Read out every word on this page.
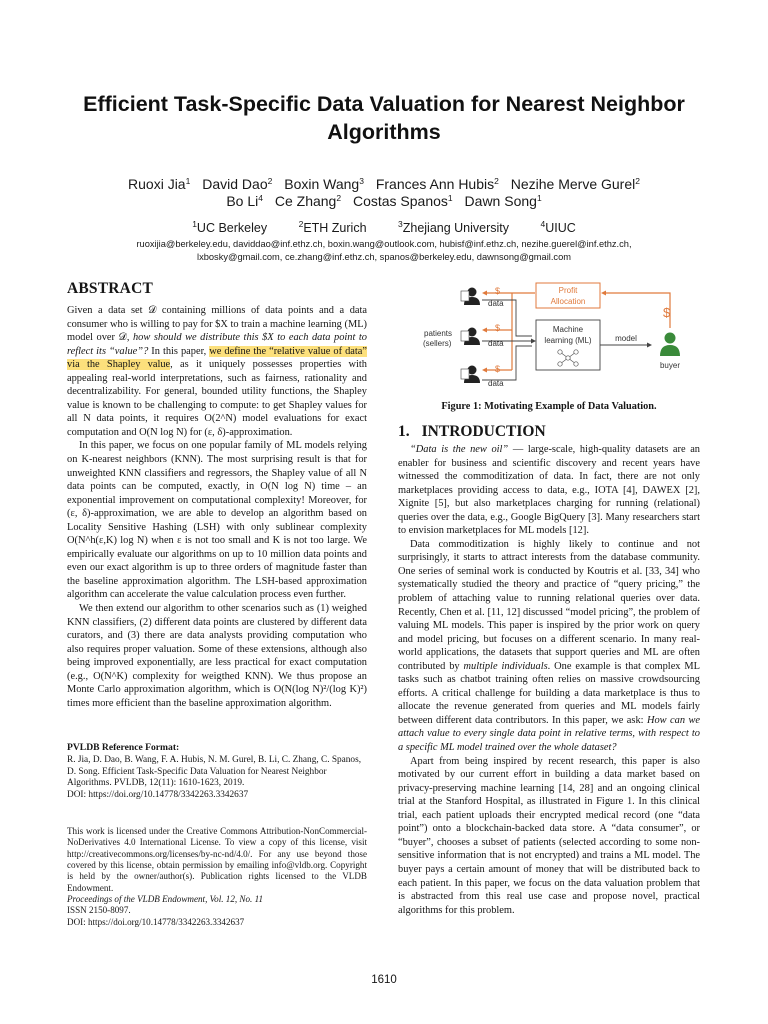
Efficient Task-Specific Data Valuation for Nearest Neighbor Algorithms
Ruoxi Jia$^1$ David Dao$^2$ Boxin Wang$^3$ Frances Ann Hubis$^2$ Nezihe Merve Gurel$^2$
Bo Li$^4$ Ce Zhang$^2$ Costas Spanos$^1$ Dawn Song$^1$
$^1$UC Berkeley	$^2$ETH Zurich	$^3$Zhejiang University	$^4$UIUC
ruoxijia@berkeley.edu, daviddao@inf.ethz.ch, boxin.wang@outlook.com, hubisf@inf.ethz.ch, nezihe.guerel@inf.ethz.ch,
lxbosky@gmail.com, ce.zhang@inf.ethz.ch, spanos@berkeley.edu, dawnsong@gmail.com
ABSTRACT

Given a data set 𝒟 containing millions of data points and a data consumer who is willing to pay for $X to train a machine learning (ML) model over 𝒟, how should we distribute this $X to each data point to reflect its “value”? In this paper, we define the “relative value of data” via the Shapley value, as it uniquely possesses properties with appealing real-world interpretations, such as fairness, rationality and decentralizability. For general, bounded utility functions, the Shapley value is known to be challenging to compute: to get Shapley values for all N data points, it requires O(2^N) model evaluations for exact computation and O(N log N) for (ε, δ)-approximation.

In this paper, we focus on one popular family of ML models relying on K-nearest neighbors (KNN). The most surprising result is that for unweighted KNN classifiers and regressors, the Shapley value of all N data points can be computed, exactly, in O(N log N) time – an exponential improvement on computational complexity! Moreover, for (ε, δ)-approximation, we are able to develop an algorithm based on Locality Sensitive Hashing (LSH) with only sublinear complexity O(N^h(ε,K) log N) when ε is not too small and K is not too large. We empirically evaluate our algorithms on up to 10 million data points and even our exact algorithm is up to three orders of magnitude faster than the baseline approximation algorithm. The LSH-based approximation algorithm can accelerate the value calculation process even further.

We then extend our algorithm to other scenarios such as (1) weighed KNN classifiers, (2) different data points are clustered by different data curators, and (3) there are data analysts providing computation who also requires proper valuation. Some of these extensions, although also being improved exponentially, are less practical for exact computation (e.g., O(N^K) complexity for weigthed KNN). We thus propose an Monte Carlo approximation algorithm, which is O(N(log N)²/(log K)²) times more efficient than the baseline approximation algorithm.

PVLDB Reference Format:
R. Jia, D. Dao, B. Wang, F. A. Hubis, N. M. Gurel, B. Li, C. Zhang, C. Spanos, D. Song. Efficient Task-Specific Data Valuation for Nearest Neighbor Algorithms. PVLDB, 12(11): 1610-1623, 2019.
DOI: https://doi.org/10.14778/3342263.3342637
This work is licensed under the Creative Commons Attribution-NonCommercial-NoDerivatives 4.0 International License. To view a copy of this license, visit http://creativecommons.org/licenses/by-nc-nd/4.0/. For any use beyond those covered by this license, obtain permission by emailing info@vldb.org. Copyright is held by the owner/author(s). Publication rights licensed to the VLDB Endowment.
Proceedings of the VLDB Endowment, Vol. 12, No. 11
ISSN 2150-8097.
DOI: https://doi.org/10.14778/3342263.3342637
patients
(sellers)
$
$
$
data
data
data
Profit
Allocation
Machine
learning (ML)	model
$
buyer
Figure 1: Motivating Example of Data Valuation.
1. INTRODUCTION

“Data is the new oil” — large-scale, high-quality datasets are an enabler for business and scientific discovery and recent years have witnessed the commoditization of data. In fact, there are not only marketplaces providing access to data, e.g., IOTA [4], DAWEX [2], Xignite [5], but also marketplaces charging for running (relational) queries over the data, e.g., Google BigQuery [3]. Many researchers start to envision marketplaces for ML models [12].

Data commoditization is highly likely to continue and not surprisingly, it starts to attract interests from the database community. One series of seminal work is conducted by Koutris et al. [33, 34] who systematically studied the theory and practice of “query pricing,” the problem of attaching value to running relational queries over data. Recently, Chen et al. [11, 12] discussed “model pricing”, the problem of valuing ML models. This paper is inspired by the prior work on query and model pricing, but focuses on a different scenario. In many real-world applications, the datasets that support queries and ML are often contributed by multiple individuals. One example is that complex ML tasks such as chatbot training often relies on massive crowdsourcing efforts. A critical challenge for building a data marketplace is thus to allocate the revenue generated from queries and ML models fairly between different data contributors. In this paper, we ask: How can we attach value to every single data point in relative terms, with respect to a specific ML model trained over the whole dataset?

Apart from being inspired by recent research, this paper is also motivated by our current effort in building a data market based on privacy-preserving machine learning [14, 28] and an ongoing clinical trial at the Stanford Hospital, as illustrated in Figure 1. In this clinical trial, each patient uploads their encrypted medical record (one “data point”) onto a blockchain-backed data store. A “data consumer”, or “buyer”, chooses a subset of patients (selected according to some non-sensitive information that is not encrypted) and trains a ML model. The buyer pays a certain amount of money that will be distributed back to each patient. In this paper, we focus on the data valuation problem that is abstracted from this real use case and propose novel, practical algorithms for this problem.

1610
